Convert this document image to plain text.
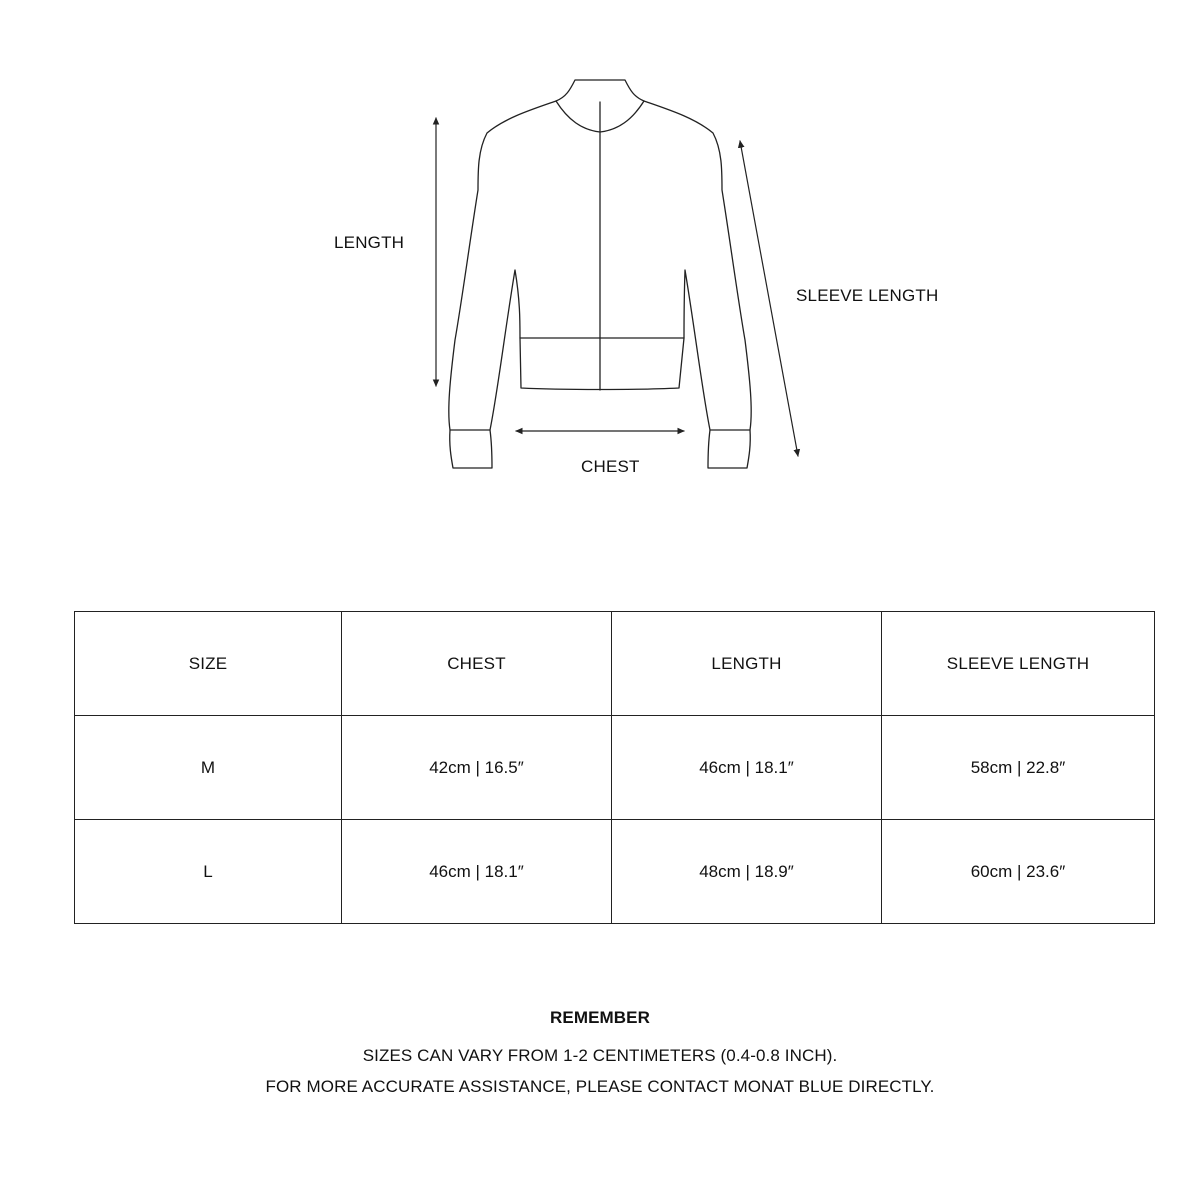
LENGTH
SLEEVE LENGTH
CHEST
SIZE	CHEST	LENGTH	SLEEVE LENGTH
M	42cm | 16.5″	46cm | 18.1″	58cm | 22.8″
L	46cm | 18.1″	48cm | 18.9″	60cm | 23.6″
REMEMBER
SIZES CAN VARY FROM 1-2 CENTIMETERS (0.4-0.8 INCH).
FOR MORE ACCURATE ASSISTANCE, PLEASE CONTACT MONAT BLUE DIRECTLY.
